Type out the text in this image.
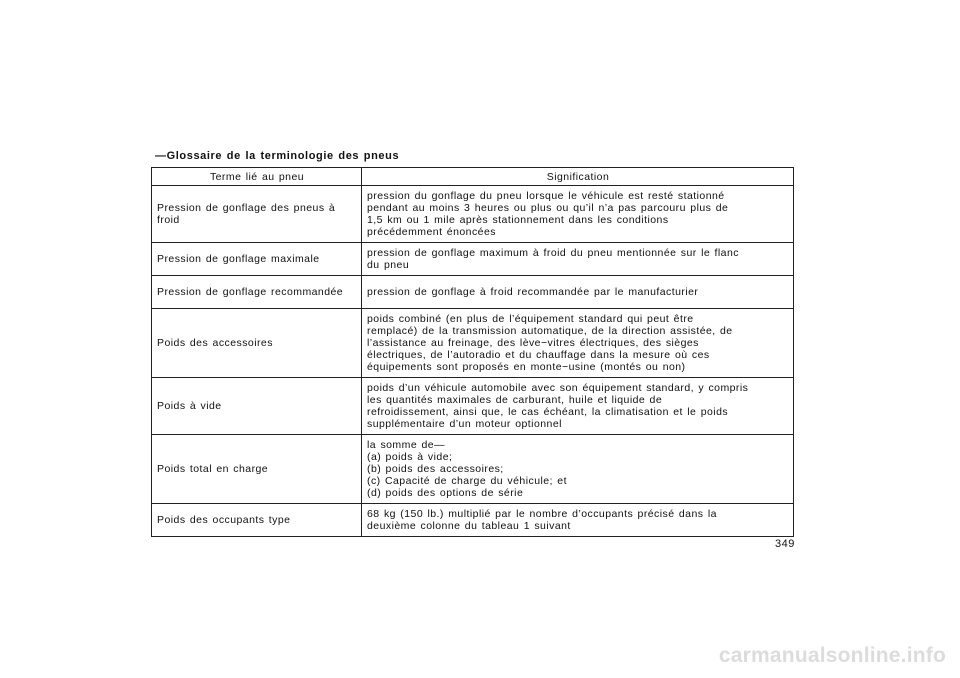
—Glossaire de la terminologie des pneus
Terme lié au pneu	Signification
Pression de gonflage des pneus à froid	pression du gonflage du pneu lorsque le véhicule est resté stationné
pendant au moins 3 heures ou plus ou qu’il n’a pas parcouru plus de
1,5 km ou 1 mile après stationnement dans les conditions
précédemment énoncées

Pression de gonflage maximale	pression de gonflage maximum à froid du pneu mentionnée sur le flanc
du pneu

Pression de gonflage recommandée	pression de gonflage à froid recommandée par le manufacturier

Poids des accessoires	poids combiné (en plus de l’équipement standard qui peut être
remplacé) de la transmission automatique, de la direction assistée, de
l’assistance au freinage, des lève−vitres électriques, des sièges
électriques, de l’autoradio et du chauffage dans la mesure où ces
équipements sont proposés en monte−usine (montés ou non)

Poids à vide	poids d’un véhicule automobile avec son équipement standard, y compris
les quantités maximales de carburant, huile et liquide de
refroidissement, ainsi que, le cas échéant, la climatisation et le poids
supplémentaire d’un moteur optionnel

Poids total en charge	la somme de—
(a) poids à vide;
(b) poids des accessoires;
(c) Capacité de charge du véhicule; et
(d) poids des options de série

Poids des occupants type	68 kg (150 lb.) multiplié par le nombre d’occupants précisé dans la
deuxième colonne du tableau 1 suivant
349
carmanualsonline.info
